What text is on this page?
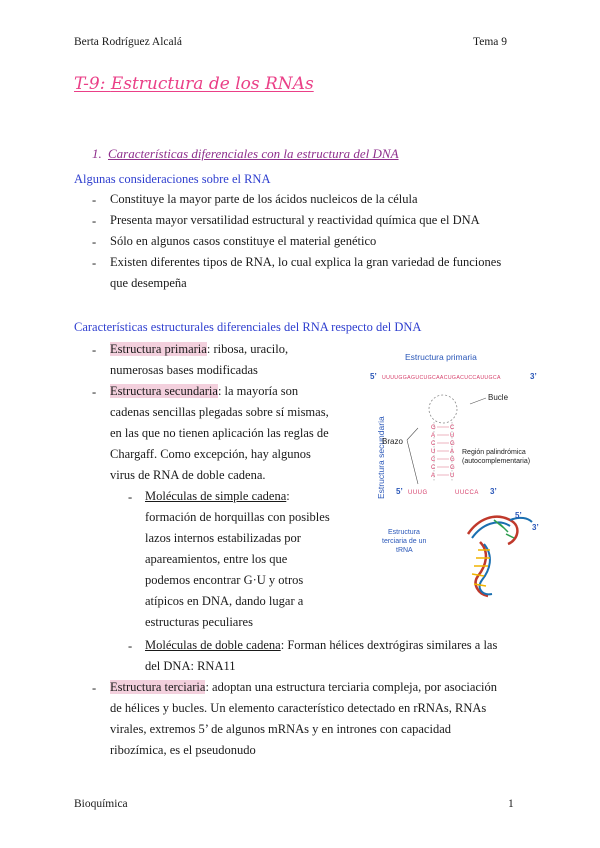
Berta Rodríguez Alcalá	Tema 9
T-9: Estructura de los RNAs
1. Características diferenciales con la estructura del DNA
Algunas consideraciones sobre el RNA
- Constituye la mayor parte de los ácidos nucleicos de la célula
- Presenta mayor versatilidad estructural y reactividad química que el DNA
- Sólo en algunos casos constituye el material genético
- Existen diferentes tipos de RNA, lo cual explica la gran variedad de funciones
que desempeña
Características estructurales diferenciales del RNA respecto del DNA
- Estructura primaria: ribosa, uracilo,
numerosas bases modificadas
- Estructura secundaria: la mayoría son
cadenas sencillas plegadas sobre sí mismas,
en las que no tienen aplicación las reglas de
Chargaff. Como excepción, hay algunos
virus de RNA de doble cadena.
- Moléculas de simple cadena:
formación de horquillas con posibles
lazos internos estabilizadas por
apareamientos, entre los que
podemos encontrar G·U y otros
atípicos en DNA, dando lugar a
estructuras peculiares
- Moléculas de doble cadena: Forman hélices dextrógiras similares a las
del DNA: RNA11
- Estructura terciaria: adoptan una estructura terciaria compleja, por asociación
de hélices y bucles. Un elemento característico detectado en rRNAs, RNAs
virales, extremos 5’ de algunos mRNAs y en intrones con capacidad
ribozímica, es el pseudonudo
Estructura primaria
5’ UUUUGGAGUCUGCAACUGACUCCAUUGCA	3’
Estructura secundaria
Bucle
Brazo
Región palindrómica
(autocomplementaria)
G C
A U
C G
U A
C G
C G
A U
5’ UUUG	UUCCA 3’
Estructura
terciaria de un
tRNA
5’
3’
Bioquímica	1
